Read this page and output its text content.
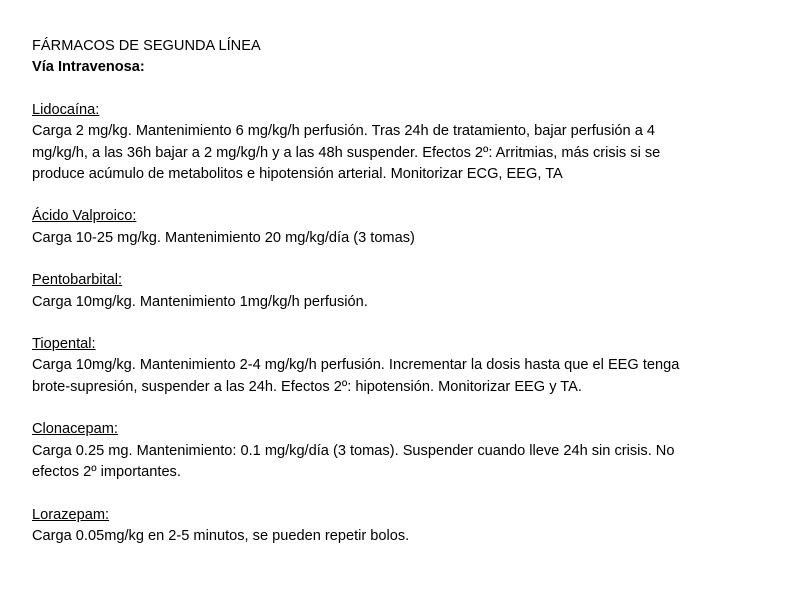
FÁRMACOS DE SEGUNDA LÍNEA

Vía Intravenosa:

Lidocaína:
Carga 2 mg/kg. Mantenimiento 6 mg/kg/h perfusión. Tras 24h de tratamiento, bajar perfusión a 4
mg/kg/h, a las 36h bajar a 2 mg/kg/h y a las 48h suspender. Efectos 2º: Arritmias, más crisis si se
produce acúmulo de metabolitos e hipotensión arterial. Monitorizar ECG, EEG, TA
Ácido Valproico:
Carga 10-25 mg/kg. Mantenimiento 20 mg/kg/día (3 tomas)
Pentobarbital:
Carga 10mg/kg. Mantenimiento 1mg/kg/h perfusión.
Tiopental:
Carga 10mg/kg. Mantenimiento 2-4 mg/kg/h perfusión. Incrementar la dosis hasta que el EEG tenga
brote-supresión, suspender a las 24h. Efectos 2º: hipotensión. Monitorizar EEG y TA.
Clonacepam:
Carga 0.25 mg. Mantenimiento: 0.1 mg/kg/día (3 tomas). Suspender cuando lleve 24h sin crisis. No
efectos 2º importantes.
Lorazepam:
Carga 0.05mg/kg en 2-5 minutos, se pueden repetir bolos.
